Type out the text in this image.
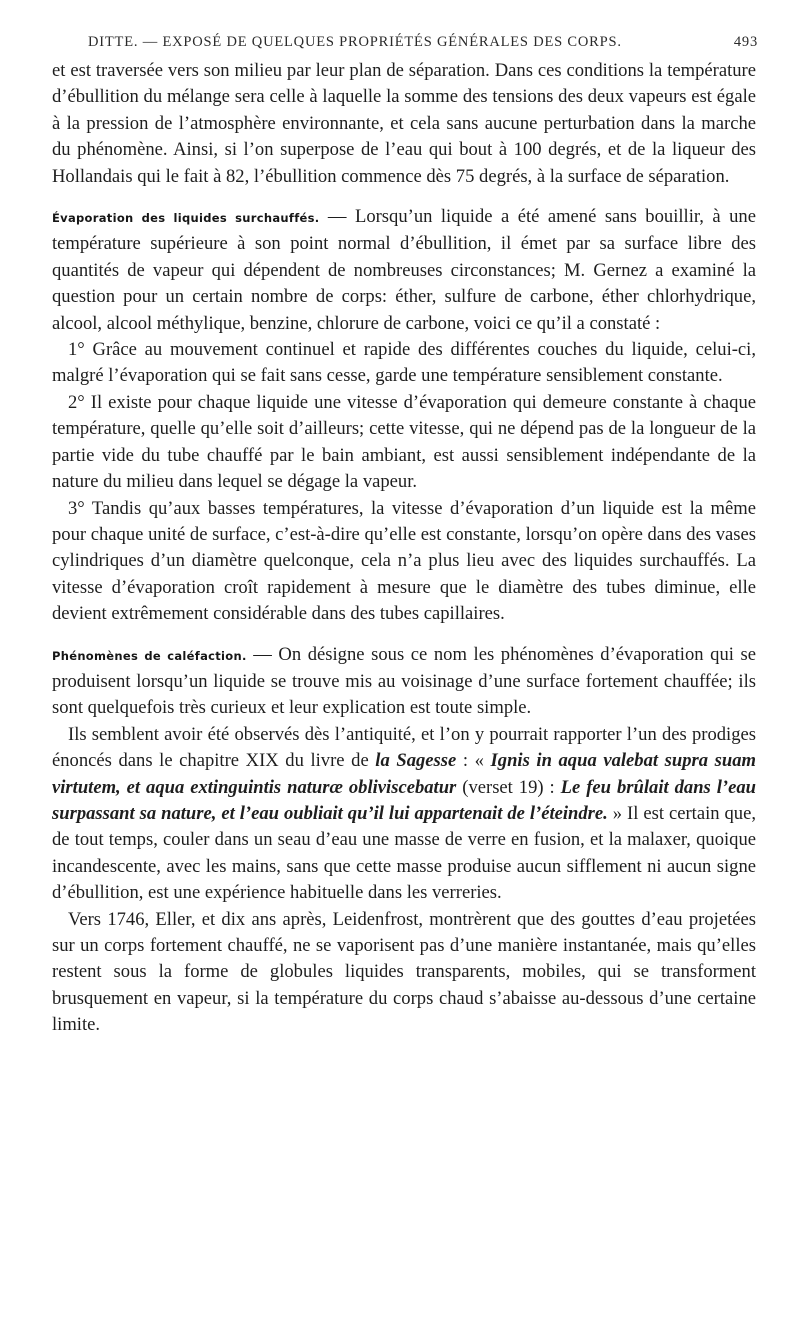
DITTE. — EXPOSÉ DE QUELQUES PROPRIÉTÉS GÉNÉRALES DES CORPS.	493

et est traversée vers son milieu par leur plan de séparation. Dans ces conditions la température d’ébullition du mélange sera celle à laquelle la somme des tensions des deux vapeurs est égale à la pression de l’atmosphère environnante, et cela sans aucune perturbation dans la marche du phénomène. Ainsi, si l’on superpose de l’eau qui bout à 100 degrés, et de la liqueur des Hollandais qui le fait à 82, l’ébullition commence dès 75 degrés, à la surface de séparation.

Évaporation des liquides surchauffés. — Lorsqu’un liquide a été amené sans bouillir, à une température supérieure à son point normal d’ébullition, il émet par sa surface libre des quantités de vapeur qui dépendent de nombreuses circonstances; M. Gernez a examiné la question pour un certain nombre de corps: éther, sulfure de carbone, éther chlorhydrique, alcool, alcool méthylique, benzine, chlorure de carbone, voici ce qu’il a constaté :

1° Grâce au mouvement continuel et rapide des différentes couches du liquide, celui-ci, malgré l’évaporation qui se fait sans cesse, garde une température sensiblement constante.

2° Il existe pour chaque liquide une vitesse d’évaporation qui demeure constante à chaque température, quelle qu’elle soit d’ailleurs; cette vitesse, qui ne dépend pas de la longueur de la partie vide du tube chauffé par le bain ambiant, est aussi sensiblement indépendante de la nature du milieu dans lequel se dégage la vapeur.

3° Tandis qu’aux basses températures, la vitesse d’évaporation d’un liquide est la même pour chaque unité de surface, c’est-à-dire qu’elle est constante, lorsqu’on opère dans des vases cylindriques d’un diamètre quelconque, cela n’a plus lieu avec des liquides surchauffés. La vitesse d’évaporation croît rapidement à mesure que le diamètre des tubes diminue, elle devient extrêmement considérable dans des tubes capillaires.

Phénomènes de caléfaction. — On désigne sous ce nom les phénomènes d’évaporation qui se produisent lorsqu’un liquide se trouve mis au voisinage d’une surface fortement chauffée; ils sont quelquefois très curieux et leur explication est toute simple.

Ils semblent avoir été observés dès l’antiquité, et l’on y pourrait rapporter l’un des prodiges énoncés dans le chapitre XIX du livre de la Sagesse : « Ignis in aqua valebat supra suam virtutem, et aqua extinguintis naturæ obliviscebatur (verset 19) : Le feu brûlait dans l’eau surpassant sa nature, et l’eau oubliait qu’il lui appartenait de l’éteindre. » Il est certain que, de tout temps, couler dans un seau d’eau une masse de verre en fusion, et la malaxer, quoique incandescente, avec les mains, sans que cette masse produise aucun sifflement ni aucun signe d’ébullition, est une expérience habituelle dans les verreries.

Vers 1746, Eller, et dix ans après, Leidenfrost, montrèrent que des gouttes d’eau projetées sur un corps fortement chauffé, ne se vaporisent pas d’une manière instantanée, mais qu’elles restent sous la forme de globules liquides transparents, mobiles, qui se transforment brusquement en vapeur, si la température du corps chaud s’abaisse au-dessous d’une certaine limite.
